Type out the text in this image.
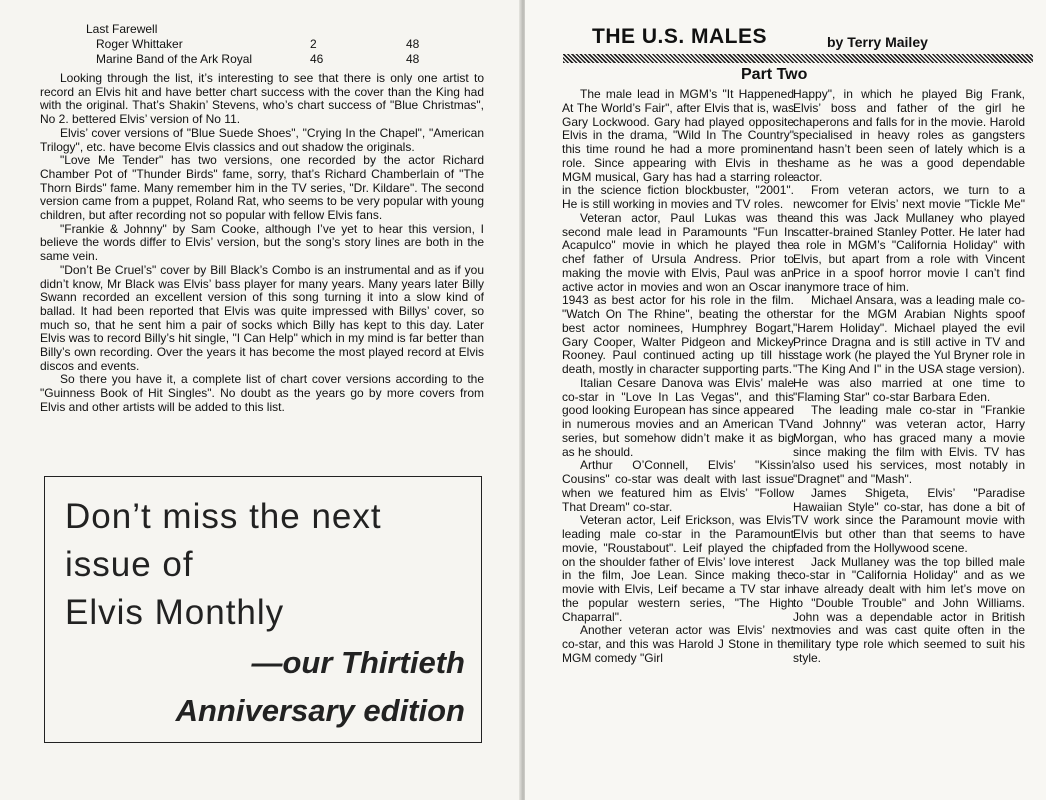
Last Farewell
Roger Whittaker	2	48
Marine Band of the Ark Royal	46	48

Looking through the list, it’s interesting to see that there is only one artist to record an Elvis hit and have better chart success with the cover than the King had with the original. That’s Shakin’ Stevens, who’s chart success of "Blue Christmas", No 2. bettered Elvis’ version of No 11.

Elvis’ cover versions of "Blue Suede Shoes", "Crying In the Chapel", "American Trilogy", etc. have become Elvis classics and out shadow the originals.

"Love Me Tender" has two versions, one recorded by the actor Richard Chamber Pot of "Thunder Birds" fame, sorry, that’s Richard Chamberlain of "The Thorn Birds" fame. Many remember him in the TV series, "Dr. Kildare". The second version came from a puppet, Roland Rat, who seems to be very popular with young children, but after recording not so popular with fellow Elvis fans.

"Frankie & Johnny" by Sam Cooke, although I’ve yet to hear this version, I believe the words differ to Elvis’ version, but the song’s story lines are both in the same vein.

"Don’t Be Cruel’s" cover by Bill Black’s Combo is an instrumental and as if you didn’t know, Mr Black was Elvis’ bass player for many years. Many years later Billy Swann recorded an excellent version of this song turning it into a slow kind of ballad. It had been reported that Elvis was quite impressed with Billys’ cover, so much so, that he sent him a pair of socks which Billy has kept to this day. Later Elvis was to record Billy’s hit single, "I Can Help" which in my mind is far better than Billy’s own recording. Over the years it has become the most played record at Elvis discos and events.

So there you have it, a complete list of chart cover versions according to the "Guinness Book of Hit Singles". No doubt as the years go by more covers from Elvis and other artists will be added to this list.

Don’t miss the next
issue of
Elvis Monthly
—our Thirtieth
Anniversary edition
THE U.S. MALES	by Terry Mailey
Part Two

The male lead in MGM’s "It Happened At The World’s Fair", after Elvis that is, was Gary Lockwood. Gary had played opposite Elvis in the drama, "Wild In The Country" this time round he had a more prominent role. Since appearing with Elvis in the MGM musical, Gary has had a starring role in the science fiction blockbuster, "2001". He is still working in movies and TV roles.

Veteran actor, Paul Lukas was the second male lead in Paramounts "Fun In Acapulco" movie in which he played the chef father of Ursula Andress. Prior to making the movie with Elvis, Paul was an active actor in movies and won an Oscar in 1943 as best actor for his role in the film. "Watch On The Rhine", beating the other best actor nominees, Humphrey Bogart, Gary Cooper, Walter Pidgeon and Mickey Rooney. Paul continued acting up till his death, mostly in character supporting parts.

Italian Cesare Danova was Elvis’ male co-star in "Love In Las Vegas", and this good looking European has since appeared in numerous movies and an American TV series, but somehow didn’t make it as big as he should.

Arthur O’Connell, Elvis’ "Kissin’ Cousins" co-star was dealt with last issue when we featured him as Elvis’ "Follow That Dream" co-star.

Veteran actor, Leif Erickson, was Elvis’ leading male co-star in the Paramount movie, "Roustabout". Leif played the chip on the shoulder father of Elvis’ love interest in the film, Joe Lean. Since making the movie with Elvis, Leif became a TV star in the popular western series, "The High Chaparral".

Another veteran actor was Elvis’ next co-star, and this was Harold J Stone in the MGM comedy "Girl

Happy", in which he played Big Frank, Elvis’ boss and father of the girl he chaperons and falls for in the movie. Harold specialised in heavy roles as gangsters and hasn’t been seen of lately which is a shame as he was a good dependable actor.

From veteran actors, we turn to a newcomer for Elvis’ next movie "Tickle Me" and this was Jack Mullaney who played scatter-brained Stanley Potter. He later had a role in MGM’s "California Holiday" with Elvis, but apart from a role with Vincent Price in a spoof horror movie I can’t find anymore trace of him.

Michael Ansara, was a leading male co-star for the MGM Arabian Nights spoof "Harem Holiday". Michael played the evil Prince Dragna and is still active in TV and stage work (he played the Yul Bryner role in "The King And I" in the USA stage version). He was also married at one time to "Flaming Star" co-star Barbara Eden.

The leading male co-star in "Frankie and Johnny" was veteran actor, Harry Morgan, who has graced many a movie since making the film with Elvis. TV has also used his services, most notably in "Dragnet" and "Mash".

James Shigeta, Elvis’ "Paradise Hawaiian Style" co-star, has done a bit of TV work since the Paramount movie with Elvis but other than that seems to have faded from the Hollywood scene.

Jack Mullaney was the top billed male co-star in "California Holiday" and as we have already dealt with him let’s move on to "Double Trouble" and John Williams. John was a dependable actor in British movies and was cast quite often in the military type role which seemed to suit his style.
